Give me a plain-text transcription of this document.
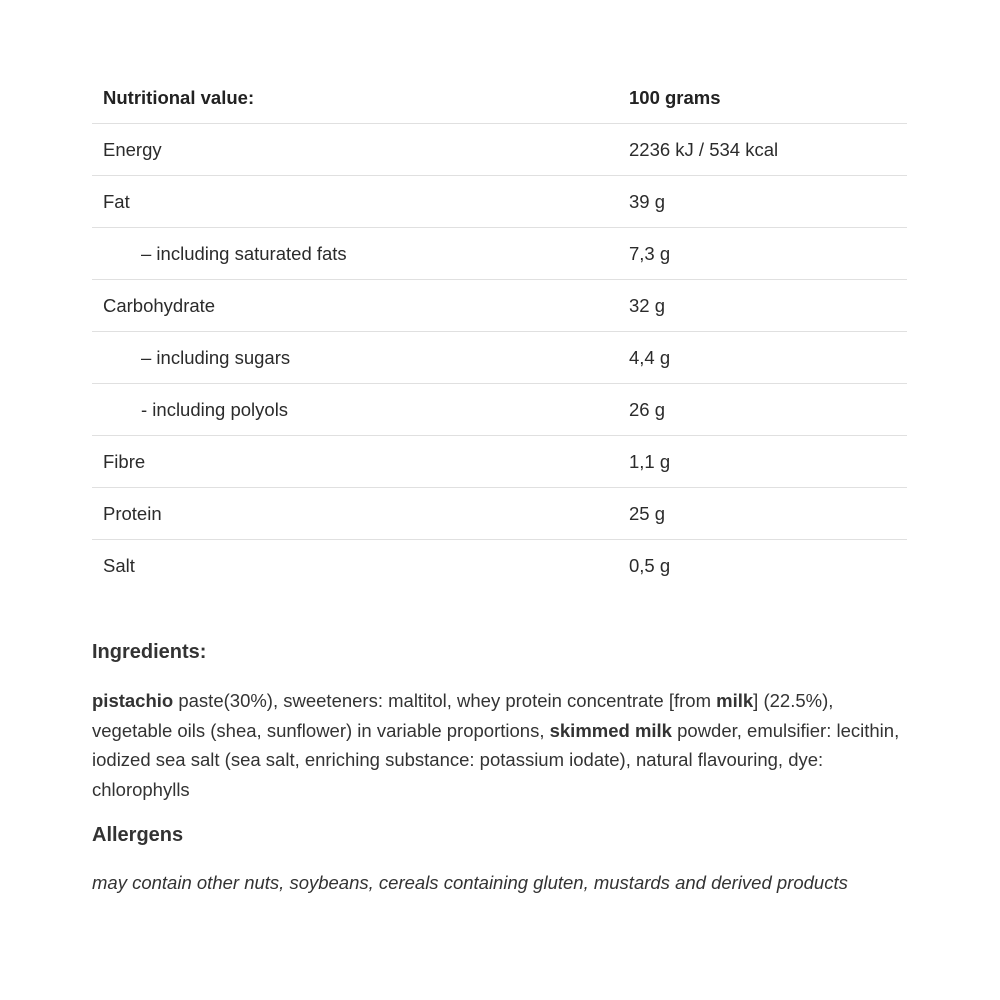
Nutritional value:	100 grams
Energy	2236 kJ / 534 kcal
Fat	39 g
– including saturated fats	7,3 g
Carbohydrate	32 g
– including sugars	4,4 g
- including polyols	26 g
Fibre	1,1 g
Protein	25 g
Salt	0,5 g
Ingredients:
pistachio paste(30%), sweeteners: maltitol, whey protein concentrate [from milk] (22.5%), vegetable oils (shea, sunflower) in variable proportions, skimmed milk powder, emulsifier: lecithin, iodized sea salt (sea salt, enriching substance: potassium iodate), natural flavouring, dye: chlorophylls
Allergens
may contain other nuts, soybeans, cereals containing gluten, mustards and derived products
